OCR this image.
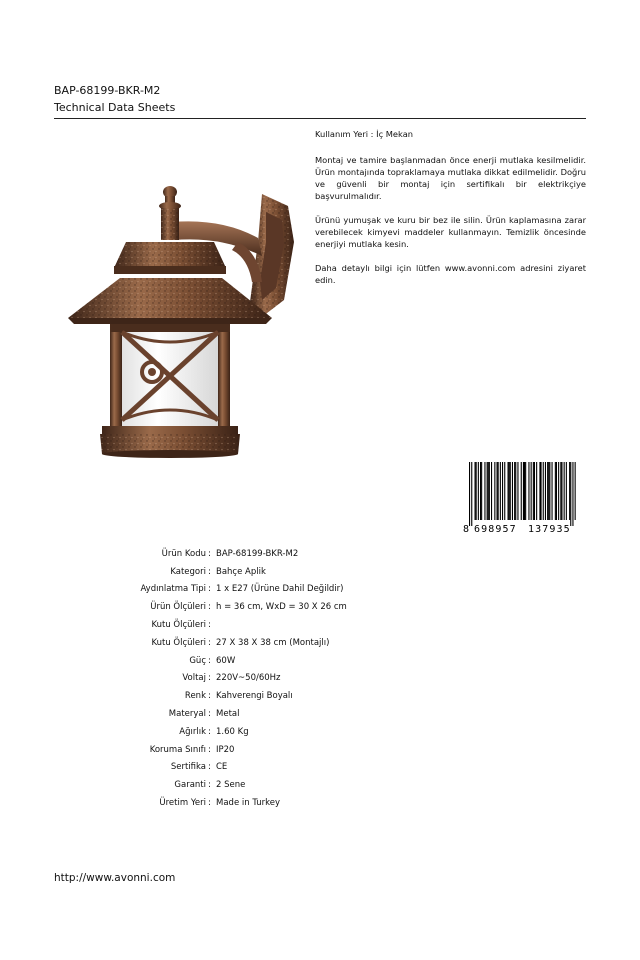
BAP-68199-BKR-M2
Technical Data Sheets

Kullanım Yeri : İç Mekan

Montaj ve tamire başlanmadan önce enerji mutlaka kesilmelidir. Ürün montajında topraklamaya mutlaka dikkat edilmelidir. Doğru ve güvenli bir montaj için sertifikalı bir elektrikçiye başvurulmalıdır.

Ürünü yumuşak ve kuru bir bez ile silin. Ürün kaplamasına zarar verebilecek kimyevi maddeler kullanmayın. Temizlik öncesinde enerjiyi mutlaka kesin.

Daha detaylı bilgi için lütfen www.avonni.com adresini ziyaret edin.

8 698957 137935
Ürün Kodu : BAP-68199-BKR-M2
Kategori : Bahçe Aplik
Aydınlatma Tipi : 1 x E27 (Ürüne Dahil Değildir)
Ürün Ölçüleri : h = 36 cm, WxD = 30 X 26 cm
Kutu Ölçüleri :
Kutu Ölçüleri : 27 X 38 X 38 cm (Montajlı)
Güç : 60W
Voltaj : 220V~50/60Hz
Renk : Kahverengi Boyalı
Materyal : Metal
Ağırlık : 1.60 Kg
Koruma Sınıfı : IP20
Sertifika : CE
Garanti : 2 Sene
Üretim Yeri : Made in Turkey
http://www.avonni.com
